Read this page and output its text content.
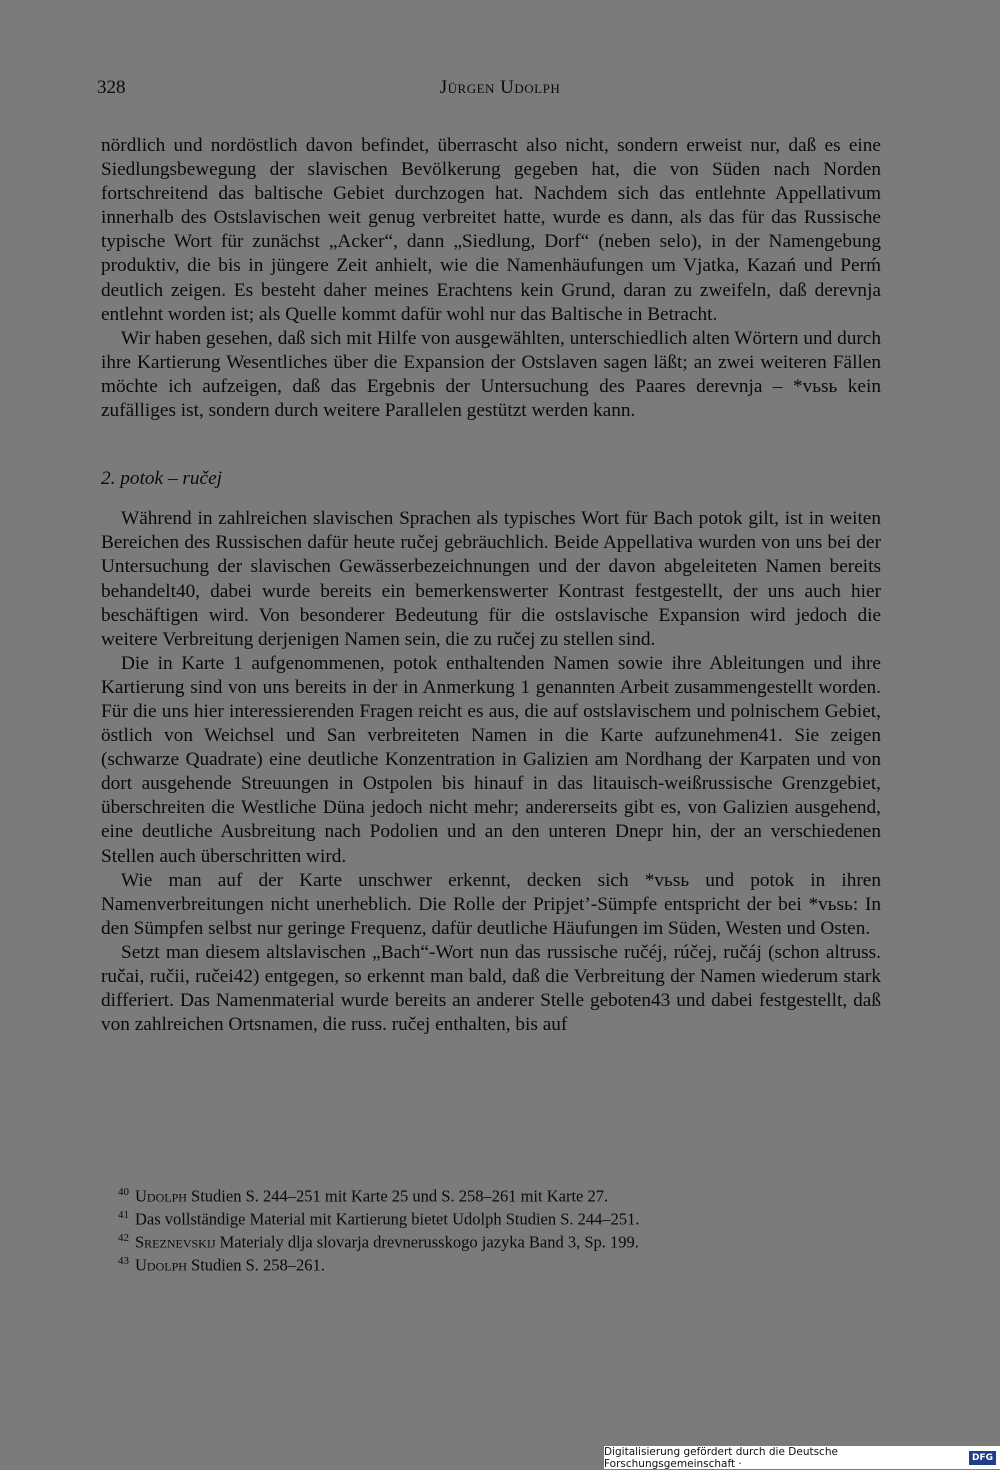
328	Jürgen Udolph

nördlich und nordöstlich davon befindet, überrascht also nicht, sondern erweist nur, daß es eine Siedlungsbewegung der slavischen Bevölkerung gegeben hat, die von Süden nach Norden fortschreitend das baltische Gebiet durchzogen hat. Nachdem sich das entlehnte Appellativum innerhalb des Ostslavischen weit genug verbreitet hatte, wurde es dann, als das für das Russische typische Wort für zunächst „Acker“, dann „Siedlung, Dorf“ (neben selo), in der Namengebung produktiv, die bis in jüngere Zeit anhielt, wie die Namenhäufungen um Vjatka, Kazań und Perḿ deutlich zeigen. Es besteht daher meines Erachtens kein Grund, daran zu zweifeln, daß derevnja entlehnt worden ist; als Quelle kommt dafür wohl nur das Baltische in Betracht.

Wir haben gesehen, daß sich mit Hilfe von ausgewählten, unterschiedlich alten Wörtern und durch ihre Kartierung Wesentliches über die Expansion der Ostslaven sagen läßt; an zwei weiteren Fällen möchte ich aufzeigen, daß das Ergebnis der Untersuchung des Paares derevnja – *vьsь kein zufälliges ist, sondern durch weitere Parallelen gestützt werden kann.

2. potok – ručej

Während in zahlreichen slavischen Sprachen als typisches Wort für Bach potok gilt, ist in weiten Bereichen des Russischen dafür heute ručej gebräuchlich. Beide Appellativa wurden von uns bei der Untersuchung der slavischen Gewässerbezeichnungen und der davon abgeleiteten Namen bereits behandelt40, dabei wurde bereits ein bemerkenswerter Kontrast festgestellt, der uns auch hier beschäftigen wird. Von besonderer Bedeutung für die ostslavische Expansion wird jedoch die weitere Verbreitung derjenigen Namen sein, die zu ručej zu stellen sind.

Die in Karte 1 aufgenommenen, potok enthaltenden Namen sowie ihre Ableitungen und ihre Kartierung sind von uns bereits in der in Anmerkung 1 genannten Arbeit zusammengestellt worden. Für die uns hier interessierenden Fragen reicht es aus, die auf ostslavischem und polnischem Gebiet, östlich von Weichsel und San verbreiteten Namen in die Karte aufzunehmen41. Sie zeigen (schwarze Quadrate) eine deutliche Konzentration in Galizien am Nordhang der Karpaten und von dort ausgehende Streuungen in Ostpolen bis hinauf in das litauisch-weißrussische Grenzgebiet, überschreiten die Westliche Düna jedoch nicht mehr; andererseits gibt es, von Galizien ausgehend, eine deutliche Ausbreitung nach Podolien und an den unteren Dnepr hin, der an verschiedenen Stellen auch überschritten wird.

Wie man auf der Karte unschwer erkennt, decken sich *vьsь und potok in ihren Namenverbreitungen nicht unerheblich. Die Rolle der Pripjet’-Sümpfe entspricht der bei *vьsь: In den Sümpfen selbst nur geringe Frequenz, dafür deutliche Häufungen im Süden, Westen und Osten.

Setzt man diesem altslavischen „Bach“-Wort nun das russische ručéj, rúčej, ručáj (schon altruss. ručai, ručii, ručei42) entgegen, so erkennt man bald, daß die Verbreitung der Namen wiederum stark differiert. Das Namenmaterial wurde bereits an anderer Stelle geboten43 und dabei festgestellt, daß von zahlreichen Ortsnamen, die russ. ručej enthalten, bis auf

$^{40}$ Udolph Studien S. 244–251 mit Karte 25 und S. 258–261 mit Karte 27.

$^{41}$ Das vollständige Material mit Kartierung bietet Udolph Studien S. 244–251.

$^{42}$ Sreznevskij Materialy dlja slovarja drevnerusskogo jazyka Band 3, Sp. 199.

$^{43}$ Udolph Studien S. 258–261.

Digitalisierung gefördert durch die Deutsche Forschungsgemeinschaft ·	DFG
